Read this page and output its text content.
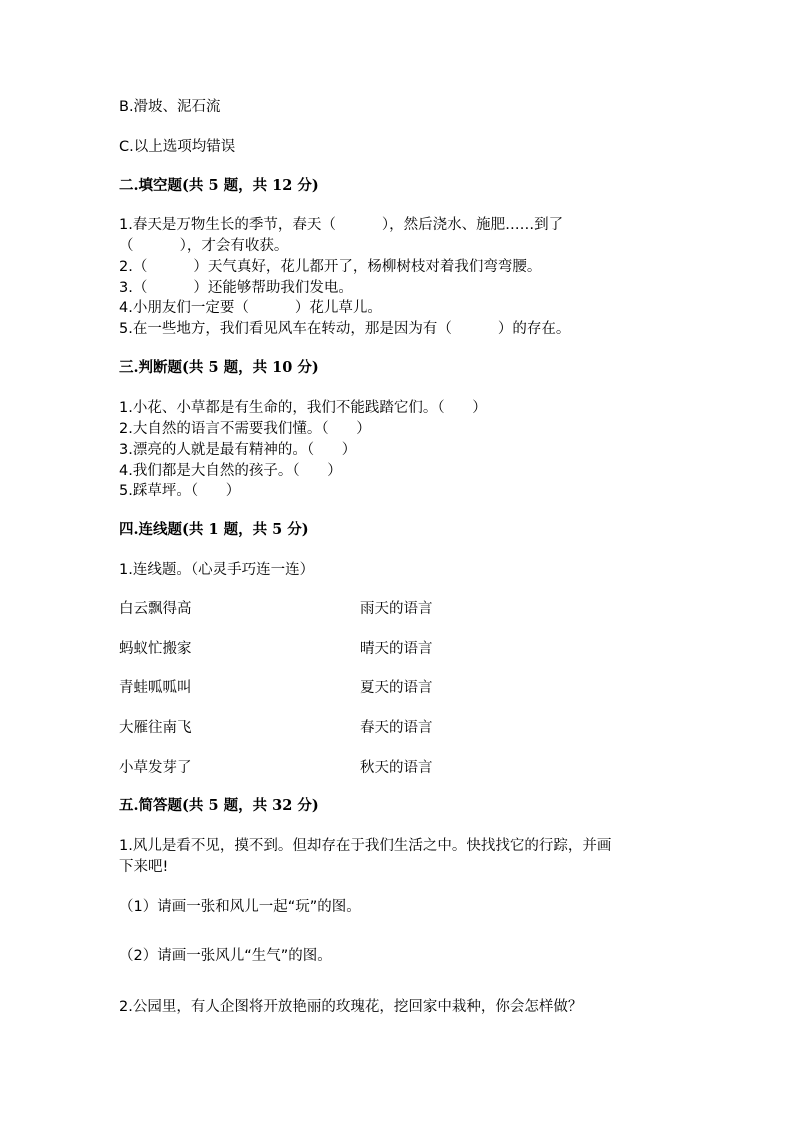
B.滑坡、泥石流
C.以上选项均错误
二.填空题(共 5 题，共 12 分)
1.春天是万物生长的季节，春天（          ），然后浇水、施肥……到了
（          ），才会有收获。
2.（          ）天气真好，花儿都开了，杨柳树枝对着我们弯弯腰。
3.（          ）还能够帮助我们发电。
4.小朋友们一定要（          ）花儿草儿。
5.在一些地方，我们看见风车在转动，那是因为有（          ）的存在。
三.判断题(共 5 题，共 10 分)
1.小花、小草都是有生命的，我们不能践踏它们。（      ）
2.大自然的语言不需要我们懂。（      ）
3.漂亮的人就是最有精神的。（      ）
4.我们都是大自然的孩子。（      ）
5.踩草坪。（      ）
四.连线题(共 1 题，共 5 分)
1.连线题。（心灵手巧连一连）
白云飘得高	雨天的语言
蚂蚁忙搬家	晴天的语言
青蛙呱呱叫	夏天的语言
大雁往南飞	春天的语言
小草发芽了	秋天的语言
五.简答题(共 5 题，共 32 分)
1.风儿是看不见，摸不到。但却存在于我们生活之中。快找找它的行踪，并画
下来吧!
（1）请画一张和风儿一起“玩”的图。
（2）请画一张风儿“生气”的图。
2.公园里，有人企图将开放艳丽的玫瑰花，挖回家中栽种，你会怎样做？
